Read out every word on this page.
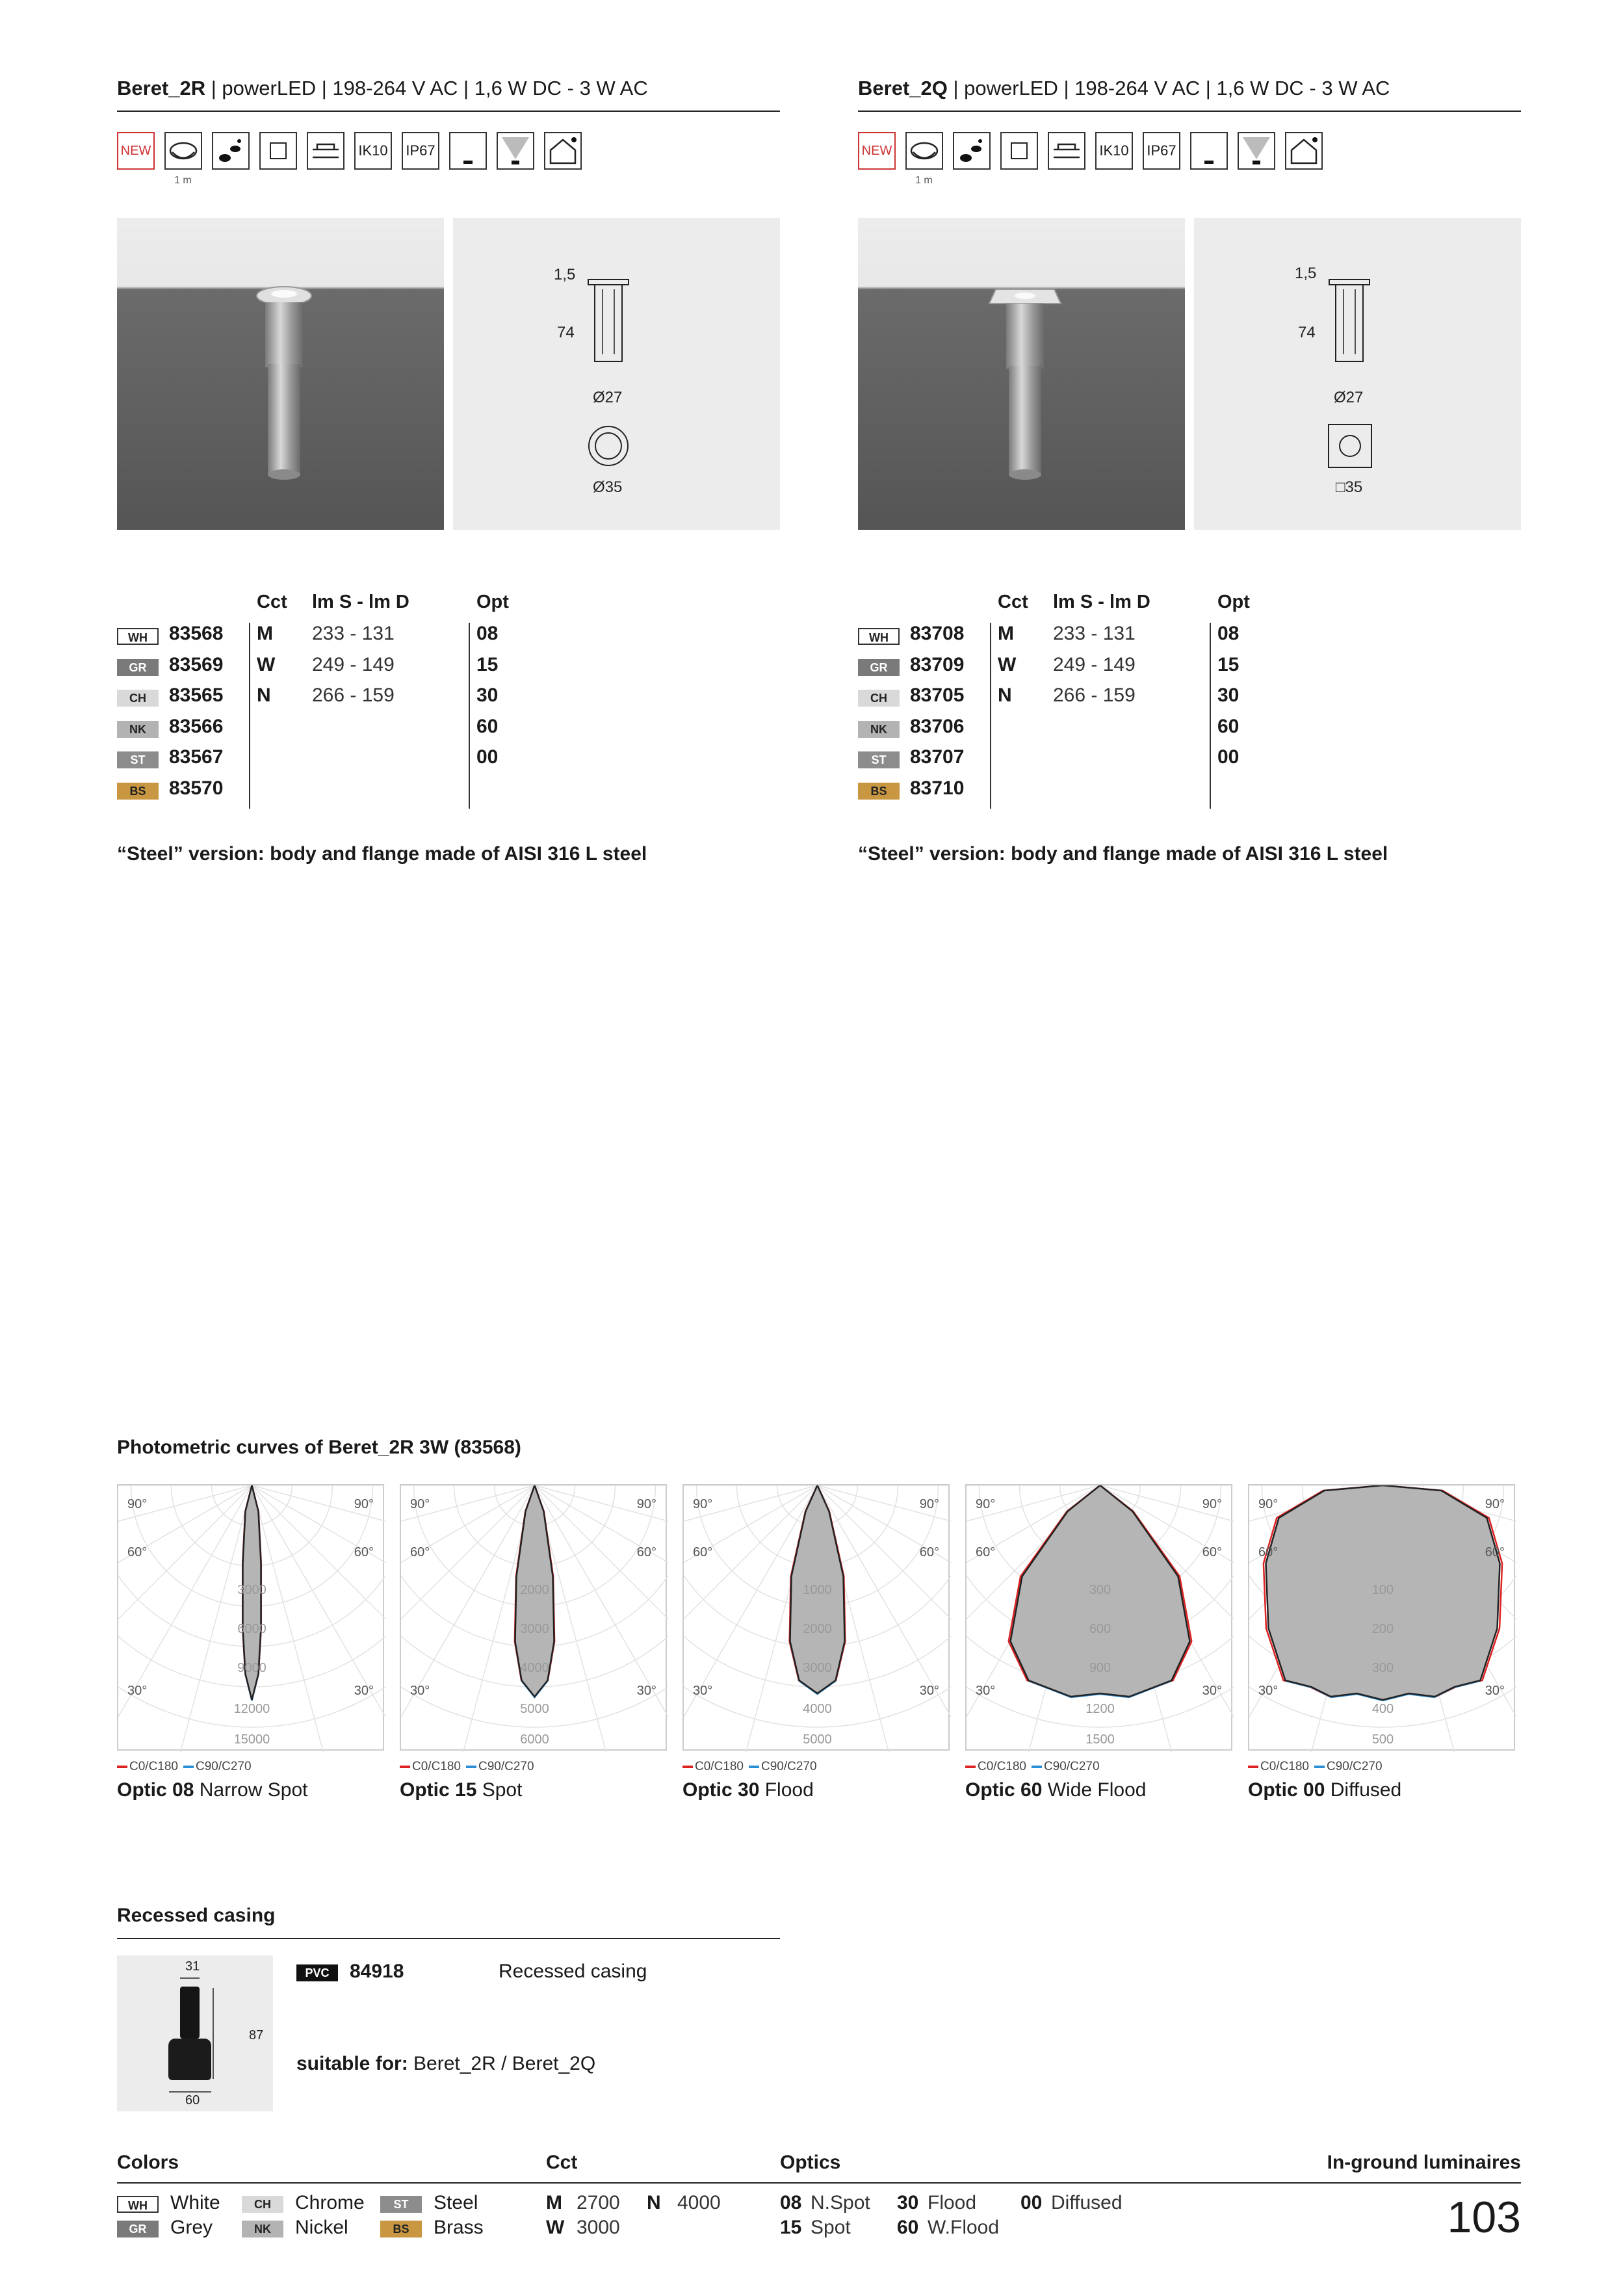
Beret_2R | powerLED | 198-264 V AC | 1,6 W DC - 3 W AC
NEW
1 m
IK10 IP67
1,5
74
Ø27
Ø35
Cct lm S - lm D	Opt
WH	83568 M 233 - 131	08
GR	83569 W 249 - 149	15
CH	83565 N 266 - 159	30
NK	83566	60
ST	83567	00
BS	83570
“Steel” version: body and flange made of AISI 316 L steel
Beret_2Q | powerLED | 198-264 V AC | 1,6 W DC - 3 W AC
NEW
1 m
IK10 IP67
1,5
74
Ø27
□35
Cct lm S - lm D	Opt
WH	83708 M 233 - 131	08
GR	83709 W 249 - 149	15
CH	83705 N 266 - 159	30
NK	83706	60
ST	83707	00
BS	83710
“Steel” version: body and flange made of AISI 316 L steel
Photometric curves of Beret_2R 3W (83568)
90°	90°
60°	60°
30°	30°
3000
6000
9000
12000
15000
C0/C180 C90/C270
Optic 08 Narrow Spot
90°	90°
60°	60°
30°	30°
2000
3000
4000
5000
6000
C0/C180 C90/C270
Optic 15 Spot
90°	90°
60°	60°
30°	30°
1000
2000
3000
4000
5000
C0/C180 C90/C270
Optic 30 Flood
90°	90°
60°	60°
30°	30°
300
600
900
1200
1500
C0/C180 C90/C270
Optic 60 Wide Flood
90°	90°
60°	60°
30°	30°
100
200
300
400
500
C0/C180 C90/C270
Optic 00 Diffused
Recessed casing
31
87
60
PVC	84918	Recessed casing
suitable for: Beret_2R / Beret_2Q
Colors	Cct	Optics	In-ground luminaires
WH	White
GR	Grey
CH	Chrome
NK	Nickel
ST	Steel
BS	Brass
M 2700
W 3000
N 4000	08 N.Spot
15 Spot
30 Flood
60 W.Flood
00 Diffused	103
